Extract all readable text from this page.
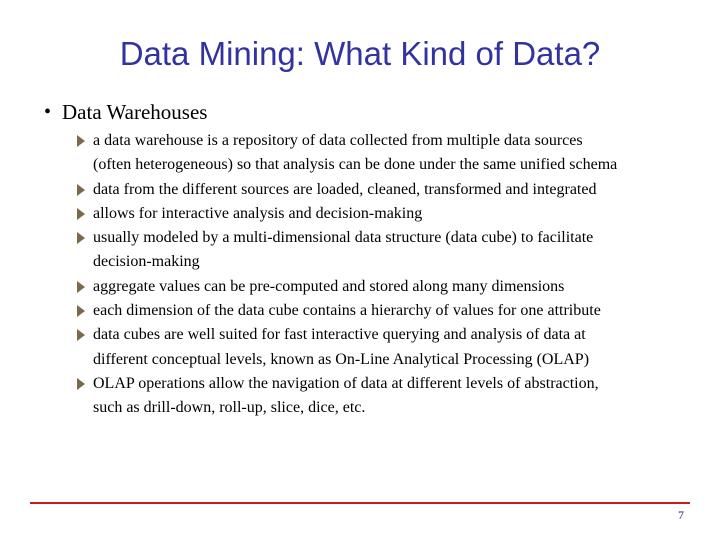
Data Mining: What Kind of Data?
• Data Warehouses
a data warehouse is a repository of data collected from multiple data sources
(often heterogeneous) so that analysis can be done under the same unified schema
data from the different sources are loaded, cleaned, transformed and integrated
allows for interactive analysis and decision-making
usually modeled by a multi-dimensional data structure (data cube) to facilitate
decision-making
aggregate values can be pre-computed and stored along many dimensions
each dimension of the data cube contains a hierarchy of values for one attribute
data cubes are well suited for fast interactive querying and analysis of data at
different conceptual levels, known as On-Line Analytical Processing (OLAP)
OLAP operations allow the navigation of data at different levels of abstraction,
such as drill-down, roll-up, slice, dice, etc.
7
